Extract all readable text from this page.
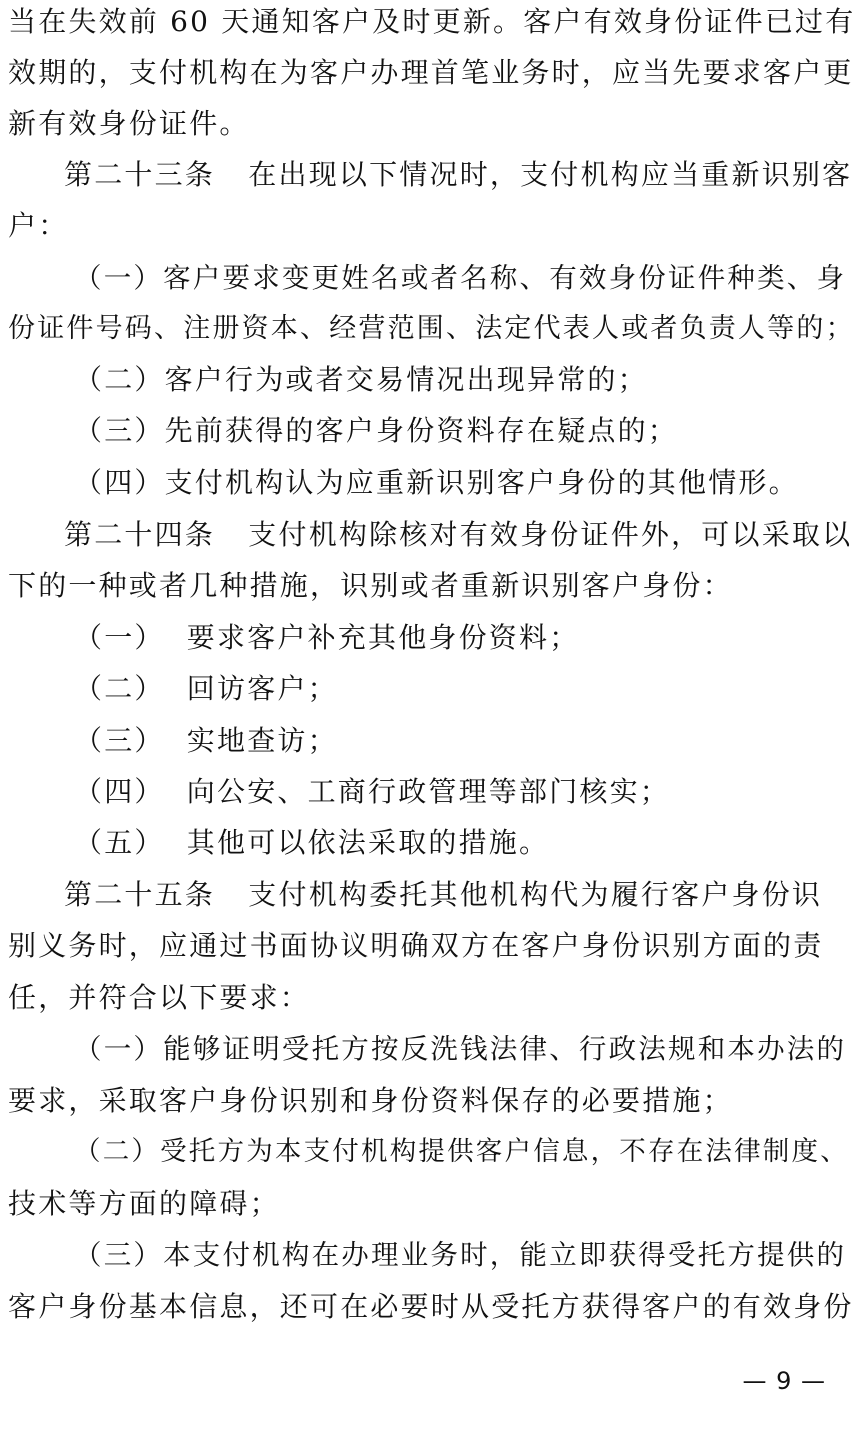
当在失效前 60 天通知客户及时更新。客户有效身份证件已过有
效期的，支付机构在为客户办理首笔业务时，应当先要求客户更
新有效身份证件。
第二十三条   在出现以下情况时，支付机构应当重新识别客
户：
（一）客户要求变更姓名或者名称、有效身份证件种类、身
份证件号码、注册资本、经营范围、法定代表人或者负责人等的；
（二）客户行为或者交易情况出现异常的；
（三）先前获得的客户身份资料存在疑点的；
（四）支付机构认为应重新识别客户身份的其他情形。
第二十四条   支付机构除核对有效身份证件外，可以采取以
下的一种或者几种措施，识别或者重新识别客户身份：
（一）  要求客户补充其他身份资料；
（二）  回访客户；
（三）  实地查访；
（四）  向公安、工商行政管理等部门核实；
（五）  其他可以依法采取的措施。
第二十五条   支付机构委托其他机构代为履行客户身份识
别义务时，应通过书面协议明确双方在客户身份识别方面的责
任，并符合以下要求：
（一）能够证明受托方按反洗钱法律、行政法规和本办法的
要求，采取客户身份识别和身份资料保存的必要措施；
（二）受托方为本支付机构提供客户信息，不存在法律制度、
技术等方面的障碍；
（三）本支付机构在办理业务时，能立即获得受托方提供的
客户身份基本信息，还可在必要时从受托方获得客户的有效身份
— 9 —
